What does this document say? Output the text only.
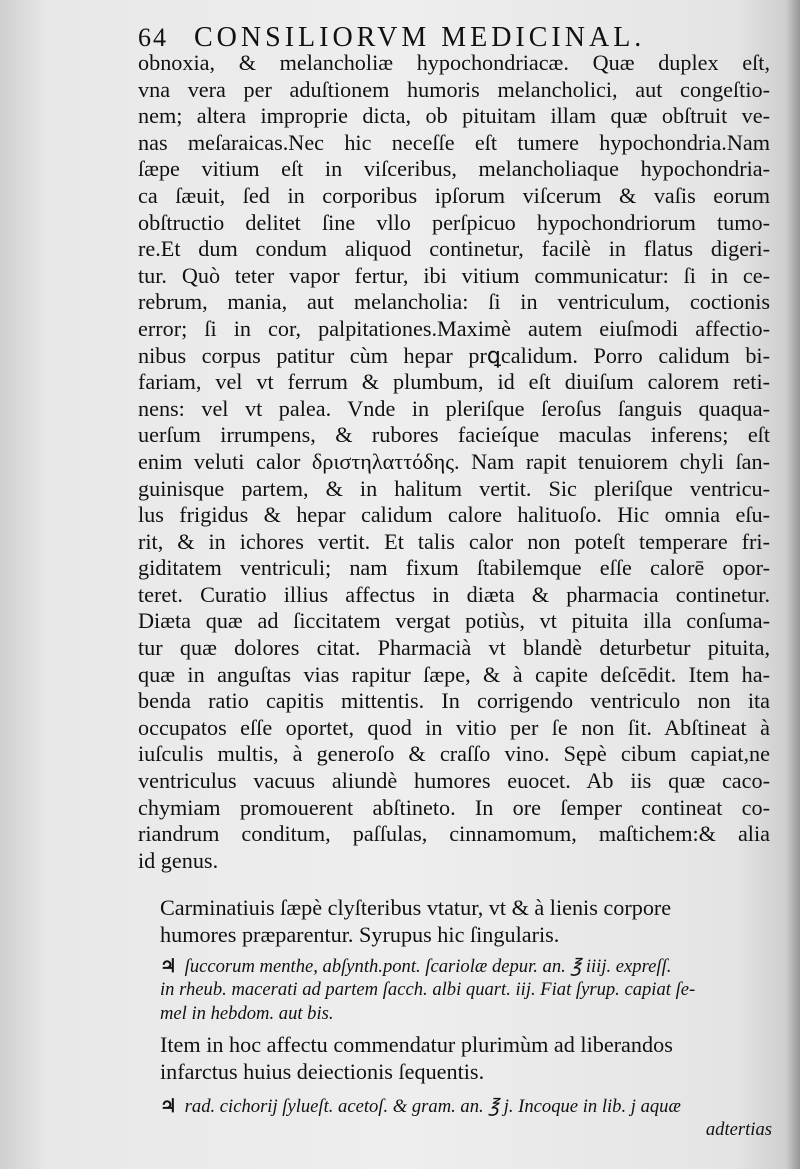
64 CONSILIORVM MEDICINAL.
obnoxia, & melancholiæ hypochondriacæ. Quæ duplex eſt,
vna vera per aduſtionem humoris melancholici, aut congeſtio-
nem; altera improprie dicta, ob pituitam illam quæ obſtruit ve-
nas meſaraicas.Nec hic neceſſe eſt tumere hypochondria.Nam
ſæpe vitium eſt in viſceribus, melancholiaque hypochondria-
ca ſæuit, ſed in corporibus ipſorum viſcerum & vaſis eorum
obſtructio delitet ſine vllo perſpicuo hypochondriorum tumo-
re.Et dum condum aliquod continetur, facilè in flatus digeri-
tur. Quò teter vapor fertur, ibi vitium communicatur: ſi in ce-
rebrum, mania, aut melancholia: ſi in ventriculum, coctionis
error; ſi in cor, palpitationes.Maximè autem eiuſmodi affectio-
nibus corpus patitur cùm hepar prꝗcalidum. Porro calidum bi-
fariam, vel vt ferrum & plumbum, id eſt diuiſum calorem reti-
nens: vel vt palea. Vnde in pleriſque ſeroſus ſanguis quaqua-
uerſum irrumpens, & rubores facieíque maculas inferens; eſt
enim veluti calor δριστηλαττόδης. Nam rapit tenuiorem chyli ſan-
guinisque partem, & in halitum vertit. Sic pleriſque ventricu-
lus frigidus & hepar calidum calore halituoſo. Hic omnia eſu-
rit, & in ichores vertit. Et talis calor non poteſt temperare fri-
giditatem ventriculi; nam fixum ſtabilemque eſſe calorē opor-
teret. Curatio illius affectus in diæta & pharmacia continetur.
Diæta quæ ad ſiccitatem vergat potiùs, vt pituita illa conſuma-
tur quæ dolores citat. Pharmacià vt blandè deturbetur pituita,
quæ in anguſtas vias rapitur ſæpe, & à capite deſcēdit. Item ha-
benda ratio capitis mittentis. In corrigendo ventriculo non ita
occupatos eſſe oportet, quod in vitio per ſe non ſit. Abſtineat à
iuſculis multis, à generoſo & craſſo vino. Sępè cibum capiat,ne
ventriculus vacuus aliundè humores euocet. Ab iis quæ caco-
chymiam promouerent abſtineto. In ore ſemper contineat co-
riandrum conditum, paſſulas, cinnamomum, maſtichem:& alia
id genus.
Carminatiuis ſæpè clyſteribus vtatur, vt & à lienis corpore
humores præparentur. Syrupus hic ſingularis.
♃ ſuccorum menthe, abſynth.pont. ſcariolæ depur. an. ℥ iiij. expreſſ.
in rheub. macerati ad partem ſacch. albi quart. iij. Fiat ſyrup. capiat ſe-
mel in hebdom. aut bis.
Item in hoc affectu commendatur plurimùm ad liberandos
infarctus huius deiectionis ſequentis.
♃ rad. cichorij ſylueſt. acetoſ. & gram. an. ℥ j. Incoque in lib. j aquæ
adtertias
